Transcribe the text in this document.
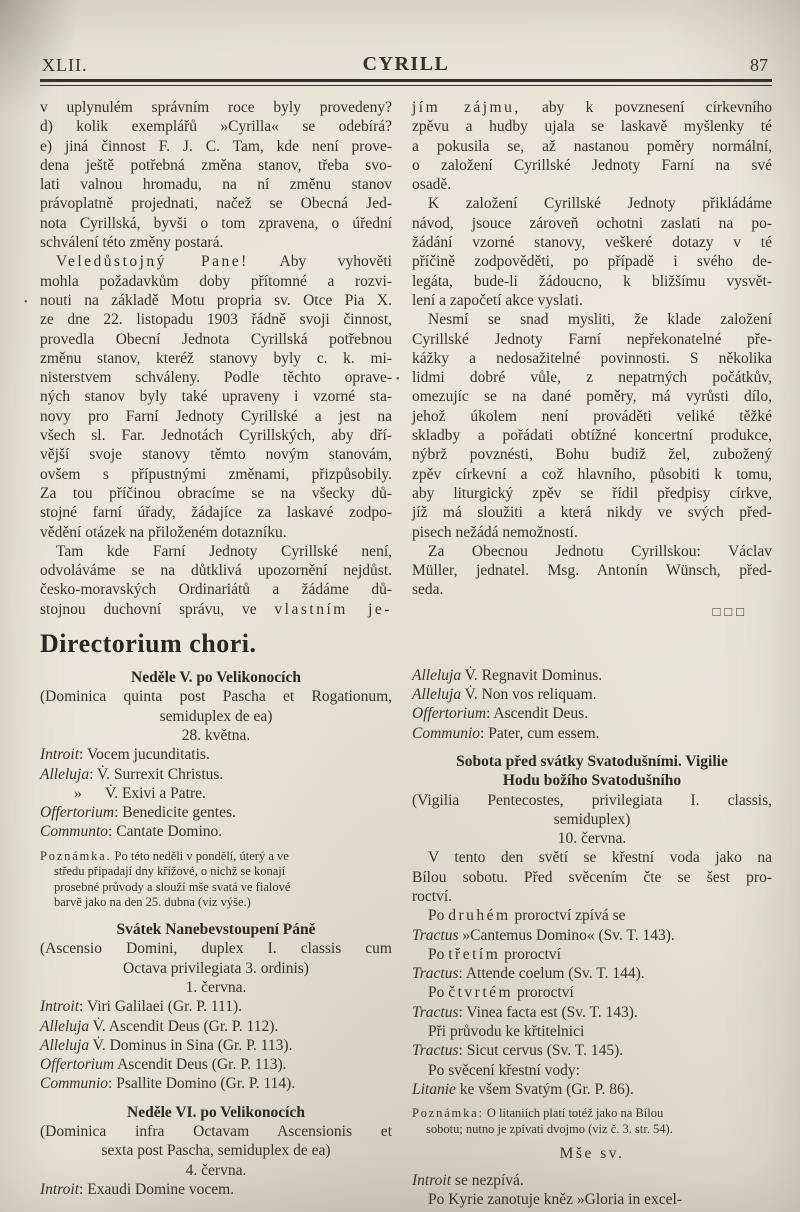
XLII.	CYRILL	87
v uplynulém správním roce byly provedeny?
d) kolik exemplářů »Cyrilla« se odebírá?
e) jiná činnost F. J. C. Tam, kde není prove-
dena ještě potřebná změna stanov, třeba svo-
lati valnou hromadu, na ní změnu stanov
právoplatně projednati, načež se Obecná Jed-
nota Cyrillská, byvši o tom zpravena, o úřední
schválení této změny postará.
Veledůstojný Pane! Aby vyhověti
mohla požadavkům doby přítomné a rozvi-
• nouti na základě Motu propria sv. Otce Pia X.
ze dne 22. listopadu 1903 řádně svoji činnost,
provedla Obecní Jednota Cyrillská potřebnou
změnu stanov, kteréž stanovy byly c. k. mi-
nisterstvem schváleny. Podle těchto oprave-
ných stanov byly také upraveny i vzorné sta-
novy pro Farní Jednoty Cyrillské a jest na
všech sl. Far. Jednotách Cyrillských, aby dří-
vější svoje stanovy těmto novým stanovám,
ovšem s přípustnými změnami, přizpůsobily.
Za tou příčinou obracíme se na všecky dů-
stojné farní úřady, žádajíce za laskavé zodpo-
vědění otázek na přiloženém dotazníku.
Tam kde Farní Jednoty Cyrillské není,
odvoláváme se na důtklivá upozornění nejdůst.
česko-moravských Ordinariátů a žádáme dů-
stojnou duchovní správu, ve vlastním je-
Directorium chori.
Neděle V. po Velikonocích
(Dominica quinta post Pascha et Rogationum,
semiduplex de ea)
28. května.
Introit: Vocem jucunditatis.
Alleluja: V̇. Surrexit Christus.
»      V̇. Exivi a Patre.
Offertorium: Benedicite gentes.
Communto: Cantate Domino.
Poznámka. Po této neděli v pondělí, úterý a ve
středu připadají dny křížové, o nichž se konají
prosebné průvody a slouží mše svatá ve fialové
barvě jako na den 25. dubna (viz výše.)
Svátek Nanebevstoupení Páně
(Ascensio Domini, duplex I. classis cum
Octava privilegiata 3. ordinis)
1. června.
Introit: Viri Galilaei (Gr. P. 111).
Alleluja V̇. Ascendit Deus (Gr. P. 112).
Alleluja V̇. Dominus in Sina (Gr. P. 113).
Offertorium Ascendit Deus (Gr. P. 113).
Communio: Psallite Domino (Gr. P. 114).
Neděle VI. po Velikonocích
(Dominica infra Octavam Ascensionis et
sexta post Pascha, semiduplex de ea)
4. června.
Introit: Exaudi Domine vocem.
jím zájmu, aby k povznesení církevního
zpěvu a hudby ujala se laskavě myšlenky té
a pokusila se, až nastanou poměry normální,
o založení Cyrillské Jednoty Farní na své
osadě.
K založení Cyrillské Jednoty přikládáme
návod, jsouce zároveň ochotni zaslati na po-
žádání vzorné stanovy, veškeré dotazy v té
příčině zodpověděti, po případě i svého de-
legáta, bude-li žádoucno, k bližšímu vysvět-
lení a započetí akce vyslati.
Nesmí se snad mysliti, že klade založení
Cyrillské Jednoty Farní nepřekonatelné pře-
kážky a nedosažitelné povinnosti. S několika
• lidmi dobré vůle, z nepatrných počátkův,
omezujíc se na dané poměry, má vyrůsti dílo,
jehož úkolem není prováděti veliké těžké
skladby a pořádati obtížné koncertní produkce,
nýbrž povznésti, Bohu budiž žel, zubožený
zpěv církevní a což hlavního, působiti k tomu,
aby liturgický zpěv se řídil předpisy církve,
jíž má sloužiti a která nikdy ve svých před-
pisech nežádá nemožností.
Za Obecnou Jednotu Cyrillskou: Václav
Müller, jednatel. Msg. Antonín Wünsch, před-
seda.
□□□
Alleluja V̇. Regnavit Dominus.
Alleluja V̇. Non vos reliquam.
Offertorium: Ascendit Deus.
Communio: Pater, cum essem.
Sobota před svátky Svatodušními. Vigilie
Hodu božího Svatodušního
(Vigilia Pentecostes, privilegiata I. classis,
semiduplex)
10. června.
V tento den světí se křestní voda jako na
Bílou sobotu. Před svěcením čte se šest pro-
roctví.
Po druhém proroctví zpívá se
Tractus »Cantemus Domino« (Sv. T. 143).
Po třetím proroctví
Tractus: Attende coelum (Sv. T. 144).
Po čtvrtém proroctví
Tractus: Vinea facta est (Sv. T. 143).
Při průvodu ke křtitelnici
Tractus: Sicut cervus (Sv. T. 145).
Po svěcení křestní vody:
Litanie ke všem Svatým (Gr. P. 86).
Poznámka: O litaniích platí totéž jako na Bílou
sobotu; nutno je zpívati dvojmo (viz č. 3. str. 54).
Mše sv.
Introit se nezpívá.
Po Kyrie zanotuje kněz »Gloria in excel-
